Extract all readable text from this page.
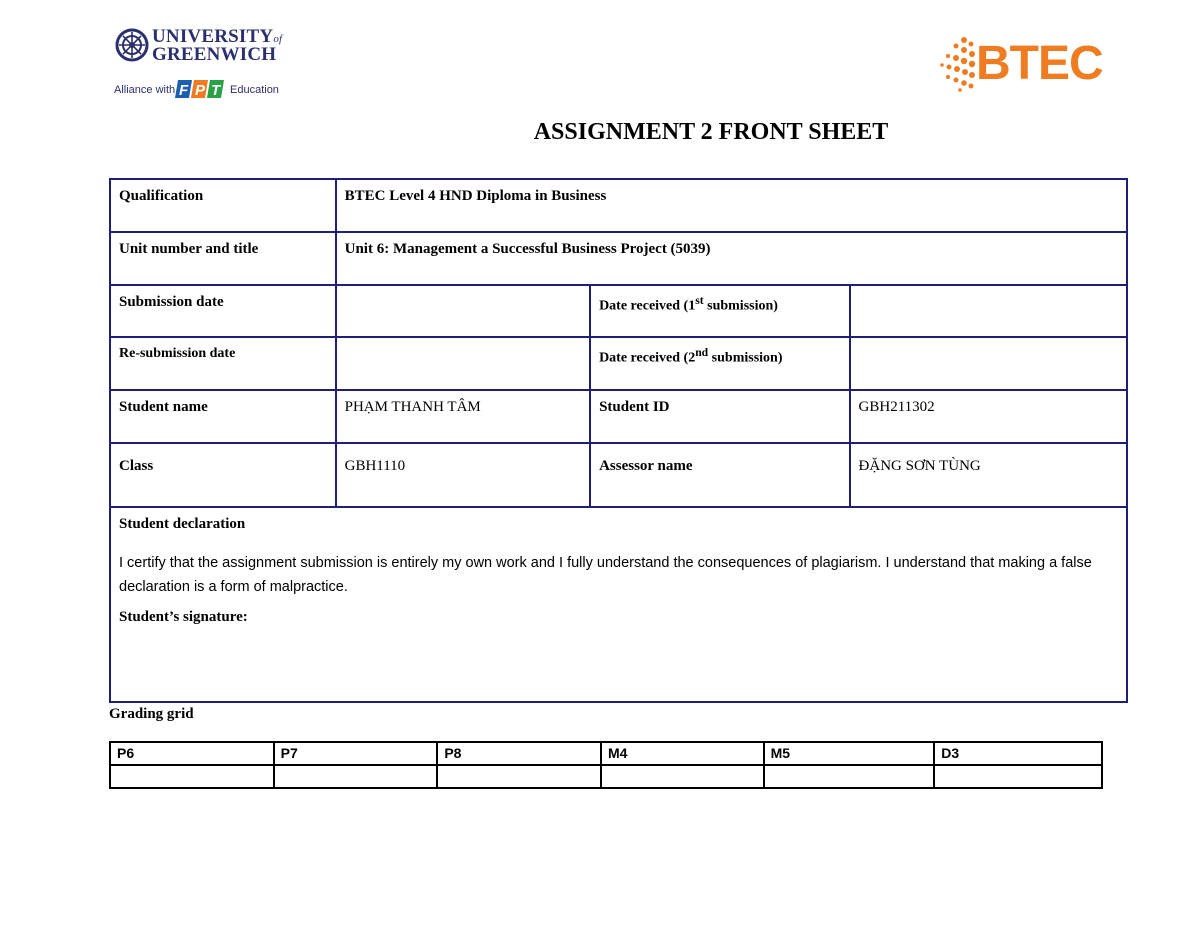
UNIVERSITYof
GREENWICH
Alliance with F P T Education	BTEC
ASSIGNMENT 2 FRONT SHEET
Qualification	BTEC Level 4 HND Diploma in Business		
Unit number and title	Unit 6: Management a Successful Business Project (5039)		
Submission date		Date received (1st submission)	
Re-submission date		Date received (2nd submission)	
Student name	PHẠM THANH TÂM	Student ID	GBH211302
Class	GBH1110	Assessor name	ĐẶNG SƠN TÙNG

Student declaration
I certify that the assignment submission is entirely my own work and I fully understand the consequences of plagiarism. I understand that making a false declaration is a form of malpractice.
Student’s signature:			
Grading grid
P6	P7	P8	M4	M5	D3
